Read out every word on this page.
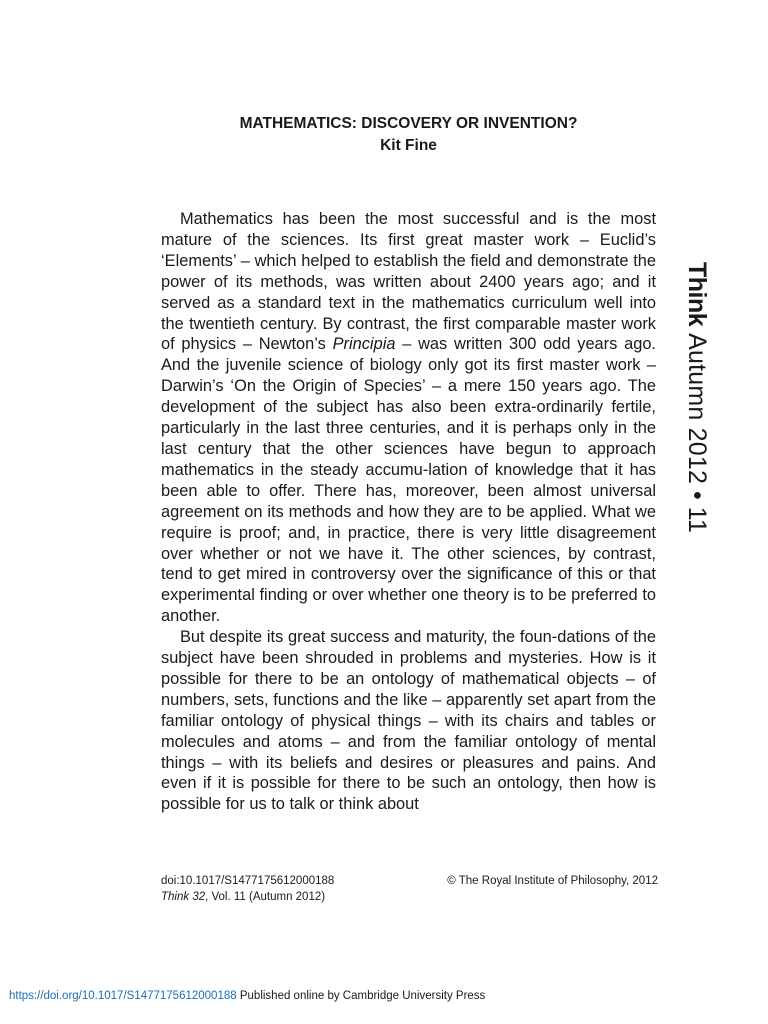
MATHEMATICS: DISCOVERY OR INVENTION?
Kit Fine
Think Autumn 2012 • 11

Mathematics has been the most successful and is the most mature of the sciences. Its first great master work – Euclid’s ‘Elements’ – which helped to establish the field and demonstrate the power of its methods, was written about 2400 years ago; and it served as a standard text in the mathematics curriculum well into the twentieth century. By contrast, the first comparable master work of physics – Newton’s Principia – was written 300 odd years ago. And the juvenile science of biology only got its first master work – Darwin’s ‘On the Origin of Species’ – a mere 150 years ago. The development of the subject has also been extra-ordinarily fertile, particularly in the last three centuries, and it is perhaps only in the last century that the other sciences have begun to approach mathematics in the steady accumu-lation of knowledge that it has been able to offer. There has, moreover, been almost universal agreement on its methods and how they are to be applied. What we require is proof; and, in practice, there is very little disagreement over whether or not we have it. The other sciences, by contrast, tend to get mired in controversy over the significance of this or that experimental finding or over whether one theory is to be preferred to another.

But despite its great success and maturity, the foun-dations of the subject have been shrouded in problems and mysteries. How is it possible for there to be an ontology of mathematical objects – of numbers, sets, functions and the like – apparently set apart from the familiar ontology of physical things – with its chairs and tables or molecules and atoms – and from the familiar ontology of mental things – with its beliefs and desires or pleasures and pains. And even if it is possible for there to be such an ontology, then how is possible for us to talk or think about

doi:10.1017/S1477175612000188	© The Royal Institute of Philosophy, 2012
Think 32, Vol. 11 (Autumn 2012)
https://doi.org/10.1017/S1477175612000188 Published online by Cambridge University Press
